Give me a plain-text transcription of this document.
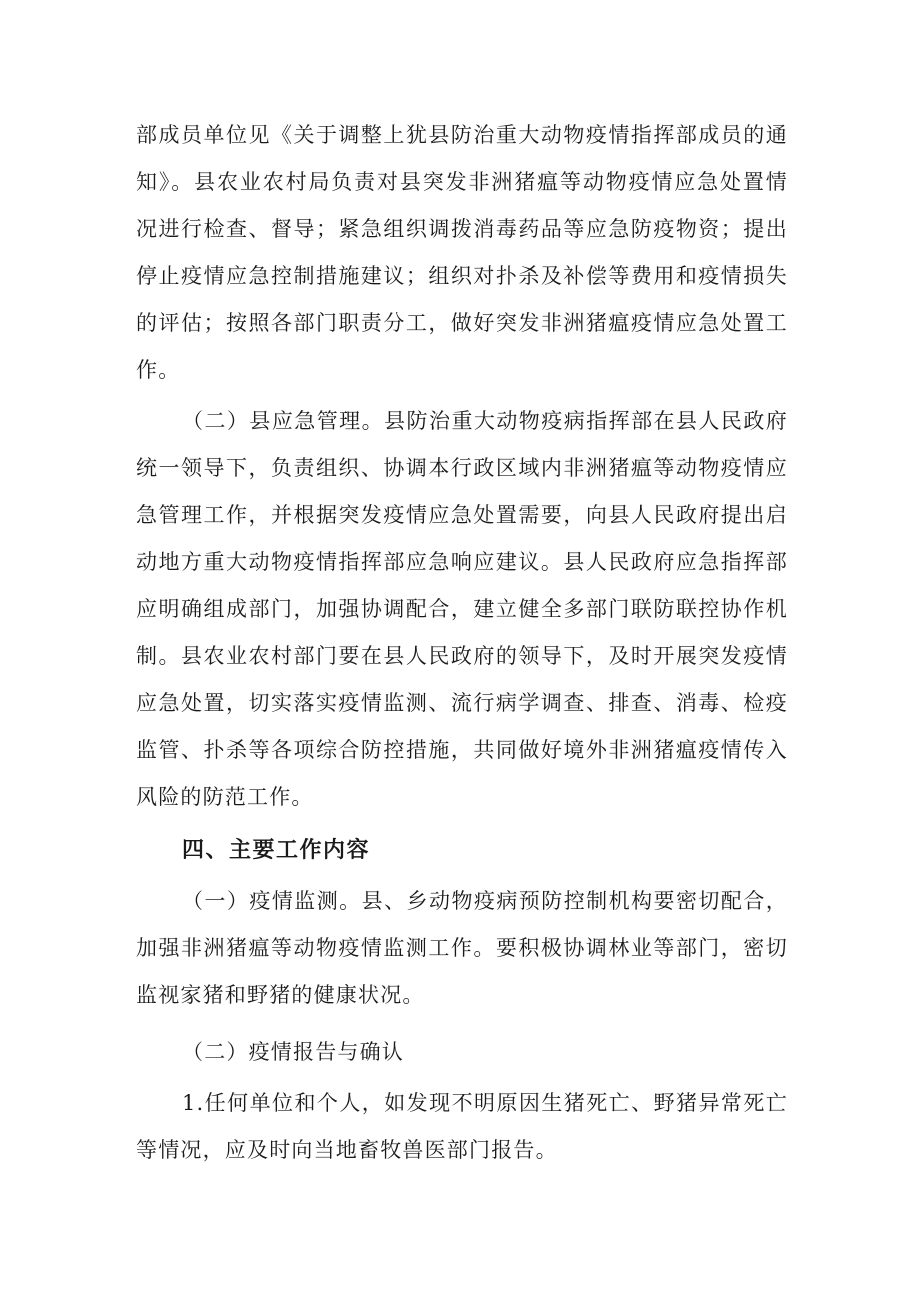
部成员单位见《关于调整上犹县防治重大动物疫情指挥部成员的通知》。县农业农村局负责对县突发非洲猪瘟等动物疫情应急处置情况进行检查、督导；紧急组织调拨消毒药品等应急防疫物资；提出停止疫情应急控制措施建议；组织对扑杀及补偿等费用和疫情损失的评估；按照各部门职责分工，做好突发非洲猪瘟疫情应急处置工作。

（二）县应急管理。县防治重大动物疫病指挥部在县人民政府统一领导下，负责组织、协调本行政区域内非洲猪瘟等动物疫情应急管理工作，并根据突发疫情应急处置需要，向县人民政府提出启动地方重大动物疫情指挥部应急响应建议。县人民政府应急指挥部应明确组成部门，加强协调配合，建立健全多部门联防联控协作机制。县农业农村部门要在县人民政府的领导下，及时开展突发疫情应急处置，切实落实疫情监测、流行病学调查、排查、消毒、检疫监管、扑杀等各项综合防控措施，共同做好境外非洲猪瘟疫情传入风险的防范工作。

四、主要工作内容

（一）疫情监测。县、乡动物疫病预防控制机构要密切配合，加强非洲猪瘟等动物疫情监测工作。要积极协调林业等部门，密切监视家猪和野猪的健康状况。

（二）疫情报告与确认

1.任何单位和个人，如发现不明原因生猪死亡、野猪异常死亡等情况，应及时向当地畜牧兽医部门报告。
